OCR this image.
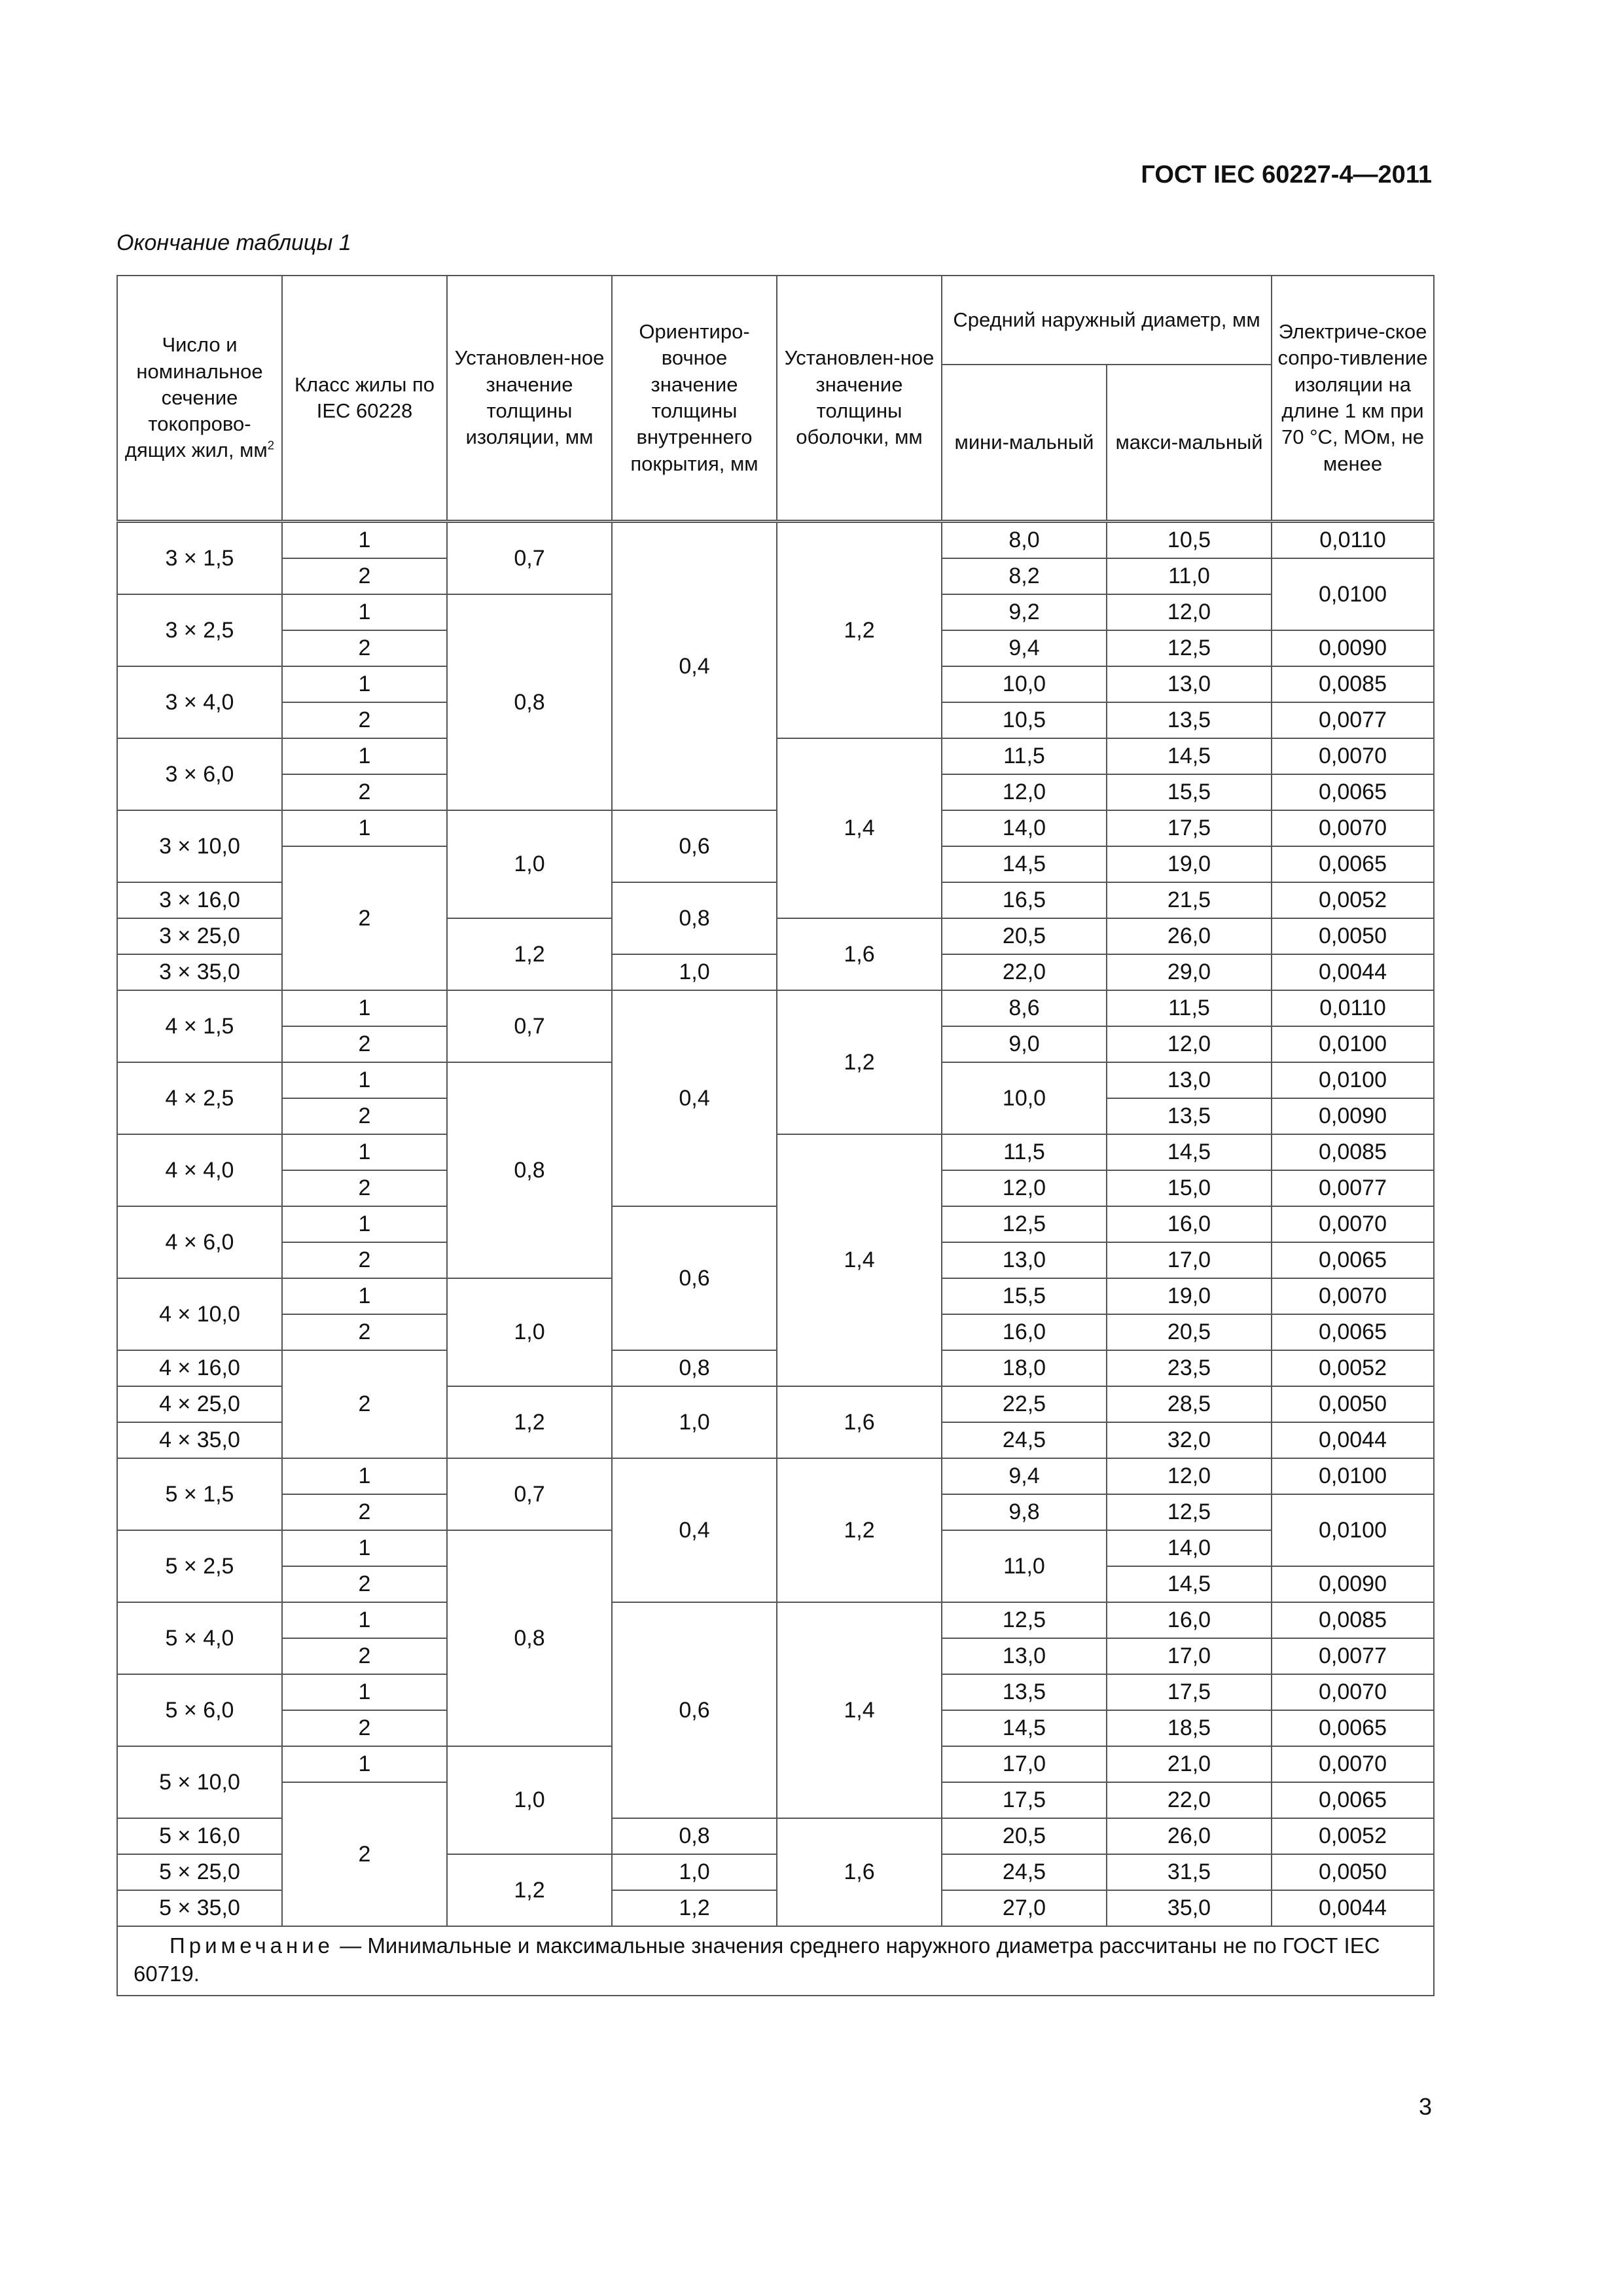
ГОСТ IEC 60227-4—2011
Окончание таблицы 1
Число и номинальное сечение токопрово-дящих жил, $мм^2$	Класс жилы по IEC 60228	Установлен-ное значение толщины изоляции, мм	Ориентиро-вочное значение толщины внутреннего покрытия, мм	Установлен-ное значение толщины оболочки, мм	Средний наружный диаметр, мм		Электриче-ское сопро-тивление изоляции на длине 1 км при 70 °С, МОм, не менее
					мини-мальный	макси-мальный	
3 × 1,5	1	0,7	0,4	1,2	8,0	10,5	0,0110
	2				8,2	11,0	0,0100
3 × 2,5	1	0,8			9,2	12,0	
	2				9,4	12,5	0,0090
3 × 4,0	1				10,0	13,0	0,0085
	2				10,5	13,5	0,0077
3 × 6,0	1			1,4	11,5	14,5	0,0070
	2				12,0	15,5	0,0065
3 × 10,0	1	1,0	0,6		14,0	17,5	0,0070
	2				14,5	19,0	0,0065
3 × 16,0			0,8		16,5	21,5	0,0052
3 × 25,0		1,2		1,6	20,5	26,0	0,0050
3 × 35,0			1,0		22,0	29,0	0,0044
4 × 1,5	1	0,7	0,4	1,2	8,6	11,5	0,0110
	2				9,0	12,0	0,0100
4 × 2,5	1	0,8			10,0	13,0	0,0100
	2					13,5	0,0090
4 × 4,0	1			1,4	11,5	14,5	0,0085
	2				12,0	15,0	0,0077
4 × 6,0	1		0,6		12,5	16,0	0,0070
	2				13,0	17,0	0,0065
4 × 10,0	1	1,0			15,5	19,0	0,0070
	2				16,0	20,5	0,0065
4 × 16,0	2		0,8		18,0	23,5	0,0052
4 × 25,0		1,2	1,0	1,6	22,5	28,5	0,0050
4 × 35,0					24,5	32,0	0,0044
5 × 1,5	1	0,7	0,4	1,2	9,4	12,0	0,0100
	2				9,8	12,5	0,0100
5 × 2,5	1	0,8			11,0	14,0	
	2					14,5	0,0090
5 × 4,0	1		0,6	1,4	12,5	16,0	0,0085
	2				13,0	17,0	0,0077
5 × 6,0	1				13,5	17,5	0,0070
	2				14,5	18,5	0,0065
5 × 10,0	1	1,0			17,0	21,0	0,0070
	2				17,5	22,0	0,0065
5 × 16,0			0,8	1,6	20,5	26,0	0,0052
5 × 25,0		1,2	1,0		24,5	31,5	0,0050
5 × 35,0			1,2		27,0	35,0	0,0044
Примечание — Минимальные и максимальные значения среднего наружного диаметра рассчитаны не по ГОСТ IEC 60719.							
3
